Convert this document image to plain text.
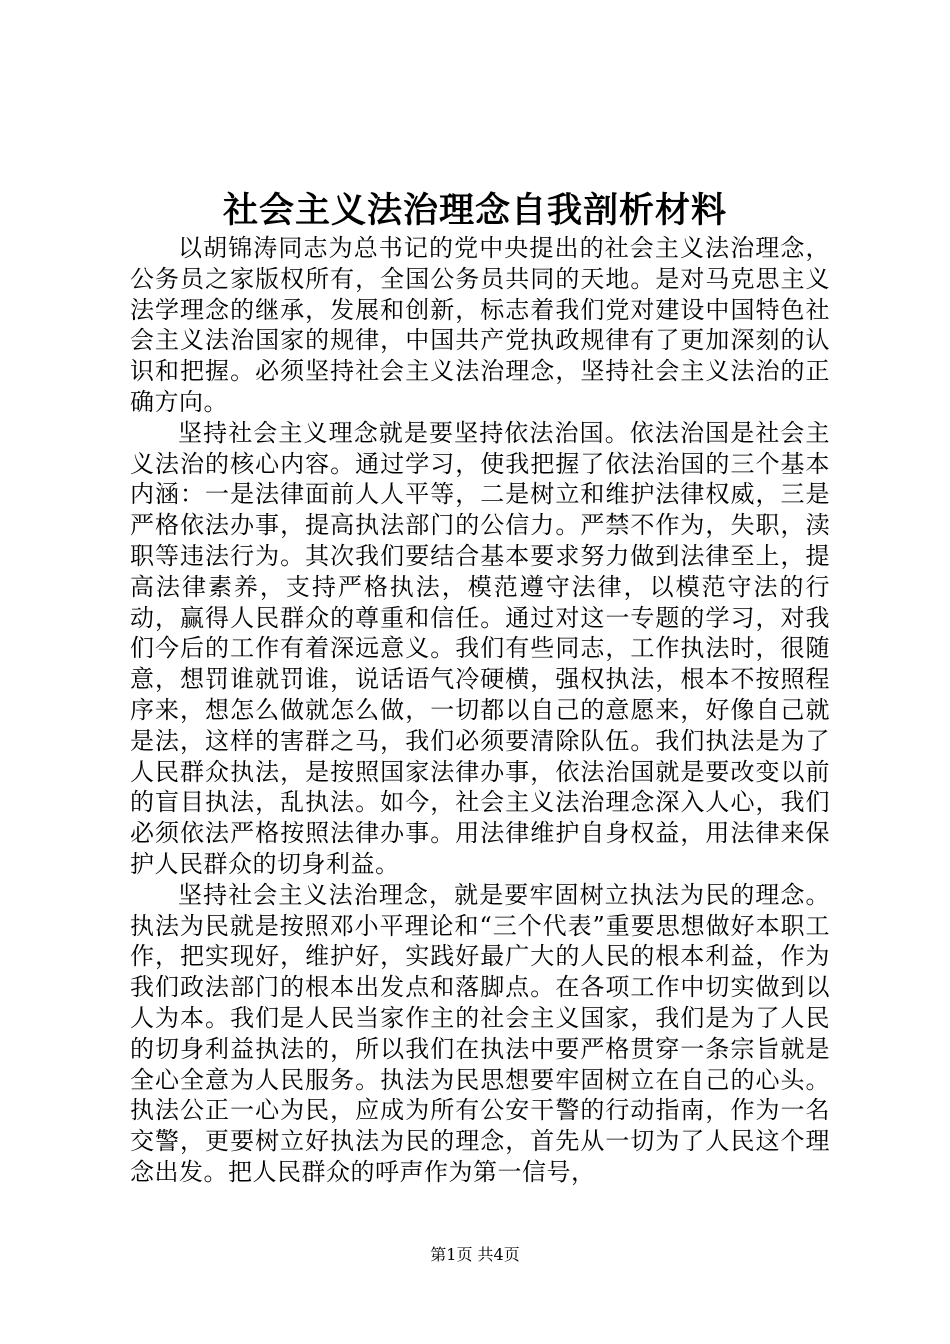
社会主义法治理念自我剖析材料

以胡锦涛同志为总书记的党中央提出的社会主义法治理念，公务员之家版权所有，全国公务员共同的天地。是对马克思主义法学理念的继承，发展和创新，标志着我们党对建设中国特色社会主义法治国家的规律，中国共产党执政规律有了更加深刻的认识和把握。必须坚持社会主义法治理念，坚持社会主义法治的正确方向。

坚持社会主义理念就是要坚持依法治国。依法治国是社会主义法治的核心内容。通过学习，使我把握了依法治国的三个基本内涵：一是法律面前人人平等，二是树立和维护法律权威，三是严格依法办事，提高执法部门的公信力。严禁不作为，失职，渎职等违法行为。其次我们要结合基本要求努力做到法律至上，提高法律素养，支持严格执法，模范遵守法律，以模范守法的行动，赢得人民群众的尊重和信任。通过对这一专题的学习，对我们今后的工作有着深远意义。我们有些同志，工作执法时，很随意，想罚谁就罚谁，说话语气冷硬横，强权执法，根本不按照程序来，想怎么做就怎么做，一切都以自己的意愿来，好像自己就是法，这样的害群之马，我们必须要清除队伍。我们执法是为了人民群众执法，是按照国家法律办事，依法治国就是要改变以前的盲目执法，乱执法。如今，社会主义法治理念深入人心，我们必须依法严格按照法律办事。用法律维护自身权益，用法律来保护人民群众的切身利益。

坚持社会主义法治理念，就是要牢固树立执法为民的理念。执法为民就是按照邓小平理论和“三个代表”重要思想做好本职工作，把实现好，维护好，实践好最广大的人民的根本利益，作为我们政法部门的根本出发点和落脚点。在各项工作中切实做到以人为本。我们是人民当家作主的社会主义国家，我们是为了人民的切身利益执法的，所以我们在执法中要严格贯穿一条宗旨就是全心全意为人民服务。执法为民思想要牢固树立在自己的心头。执法公正一心为民，应成为所有公安干警的行动指南，作为一名交警，更要树立好执法为民的理念，首先从一切为了人民这个理念出发。把人民群众的呼声作为第一信号，

第1页 共4页
